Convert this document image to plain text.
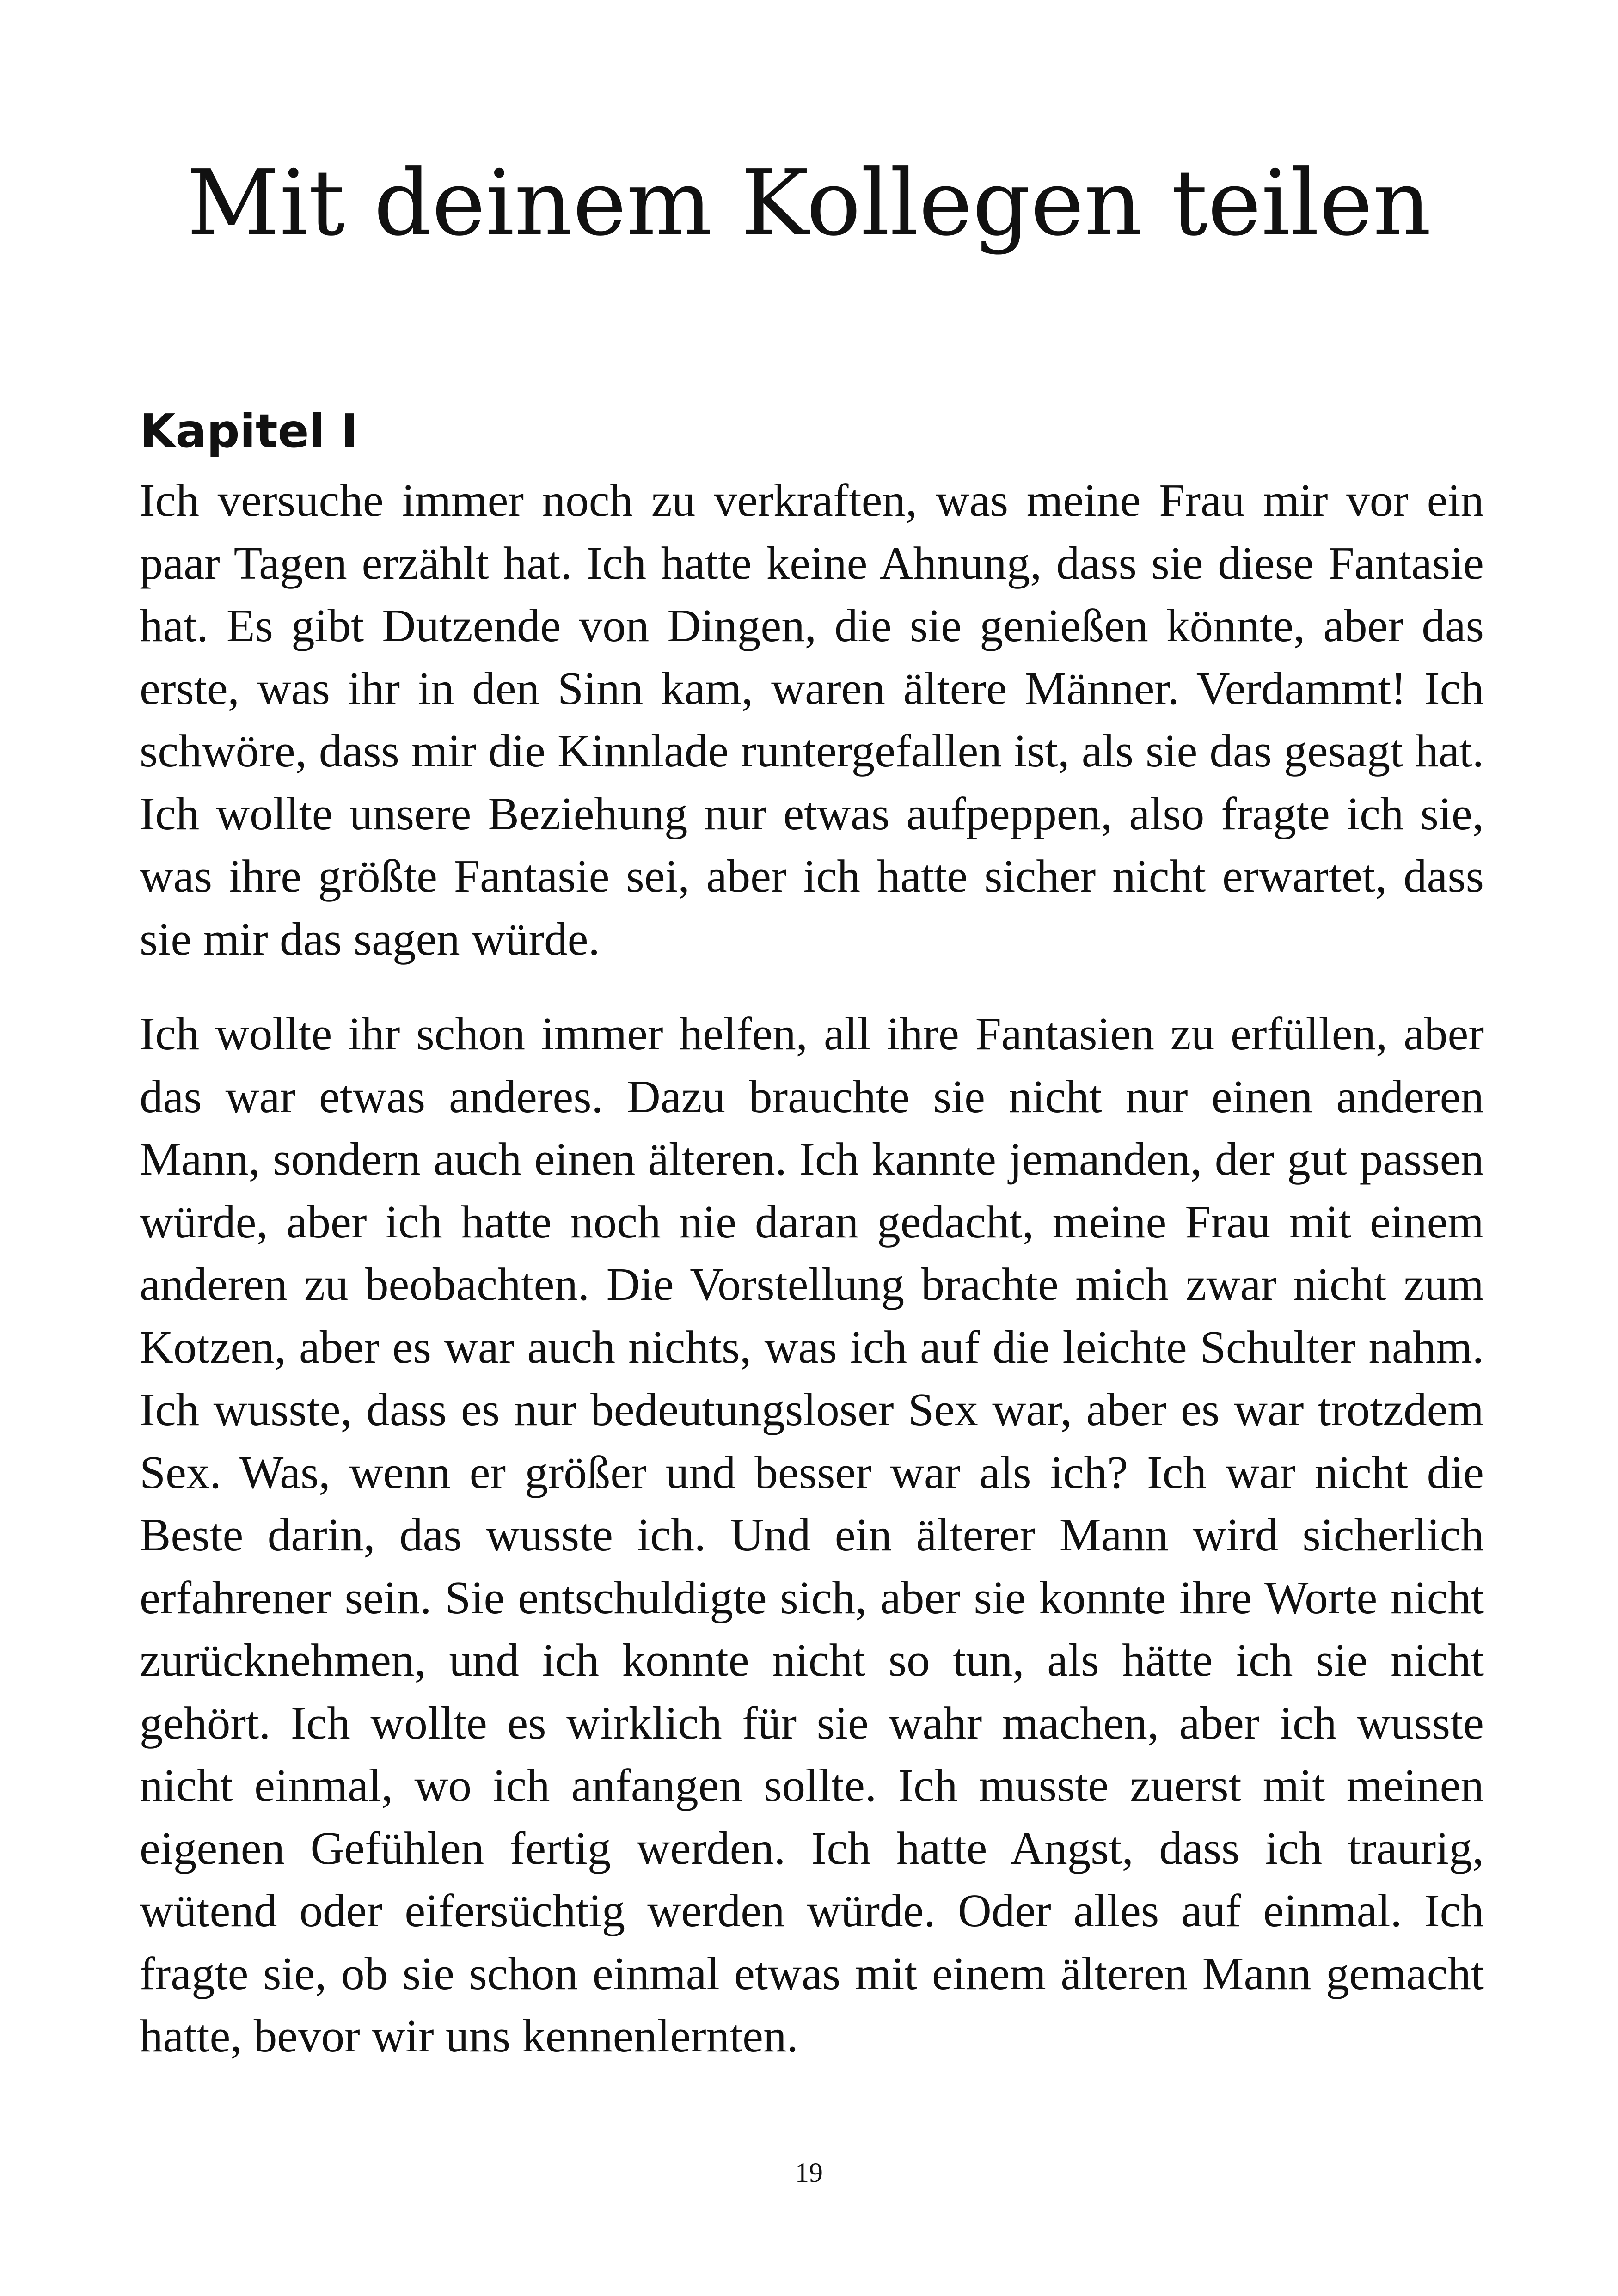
Mit deinem Kollegen teilen
Kapitel I

Ich versuche immer noch zu verkraften, was meine Frau mir vor ein paar Tagen erzählt hat. Ich hatte keine Ahnung, dass sie diese Fantasie hat. Es gibt Dutzende von Dingen, die sie genießen könnte, aber das erste, was ihr in den Sinn kam, waren ältere Männer. Verdammt! Ich schwöre, dass mir die Kinnlade runtergefallen ist, als sie das gesagt hat. Ich wollte unsere Beziehung nur etwas aufpeppen, also fragte ich sie, was ihre größte Fantasie sei, aber ich hatte sicher nicht erwartet, dass sie mir das sagen würde.

Ich wollte ihr schon immer helfen, all ihre Fantasien zu erfüllen, aber das war etwas anderes. Dazu brauchte sie nicht nur einen anderen Mann, sondern auch einen älteren. Ich kannte jemanden, der gut passen würde, aber ich hatte noch nie daran gedacht, meine Frau mit einem anderen zu beobachten. Die Vorstellung brachte mich zwar nicht zum Kotzen, aber es war auch nichts, was ich auf die leichte Schulter nahm. Ich wusste, dass es nur bedeutungsloser Sex war, aber es war trotzdem Sex. Was, wenn er größer und besser war als ich? Ich war nicht die Beste darin, das wusste ich. Und ein älterer Mann wird sicherlich erfahrener sein. Sie entschuldigte sich, aber sie konnte ihre Worte nicht zurücknehmen, und ich konnte nicht so tun, als hätte ich sie nicht gehört. Ich wollte es wirklich für sie wahr machen, aber ich wusste nicht einmal, wo ich anfangen sollte. Ich musste zuerst mit meinen eigenen Gefühlen fertig werden. Ich hatte Angst, dass ich traurig, wütend oder eifersüchtig werden würde. Oder alles auf einmal. Ich fragte sie, ob sie schon einmal etwas mit einem älteren Mann gemacht hatte, bevor wir uns kennenlernten.

19
